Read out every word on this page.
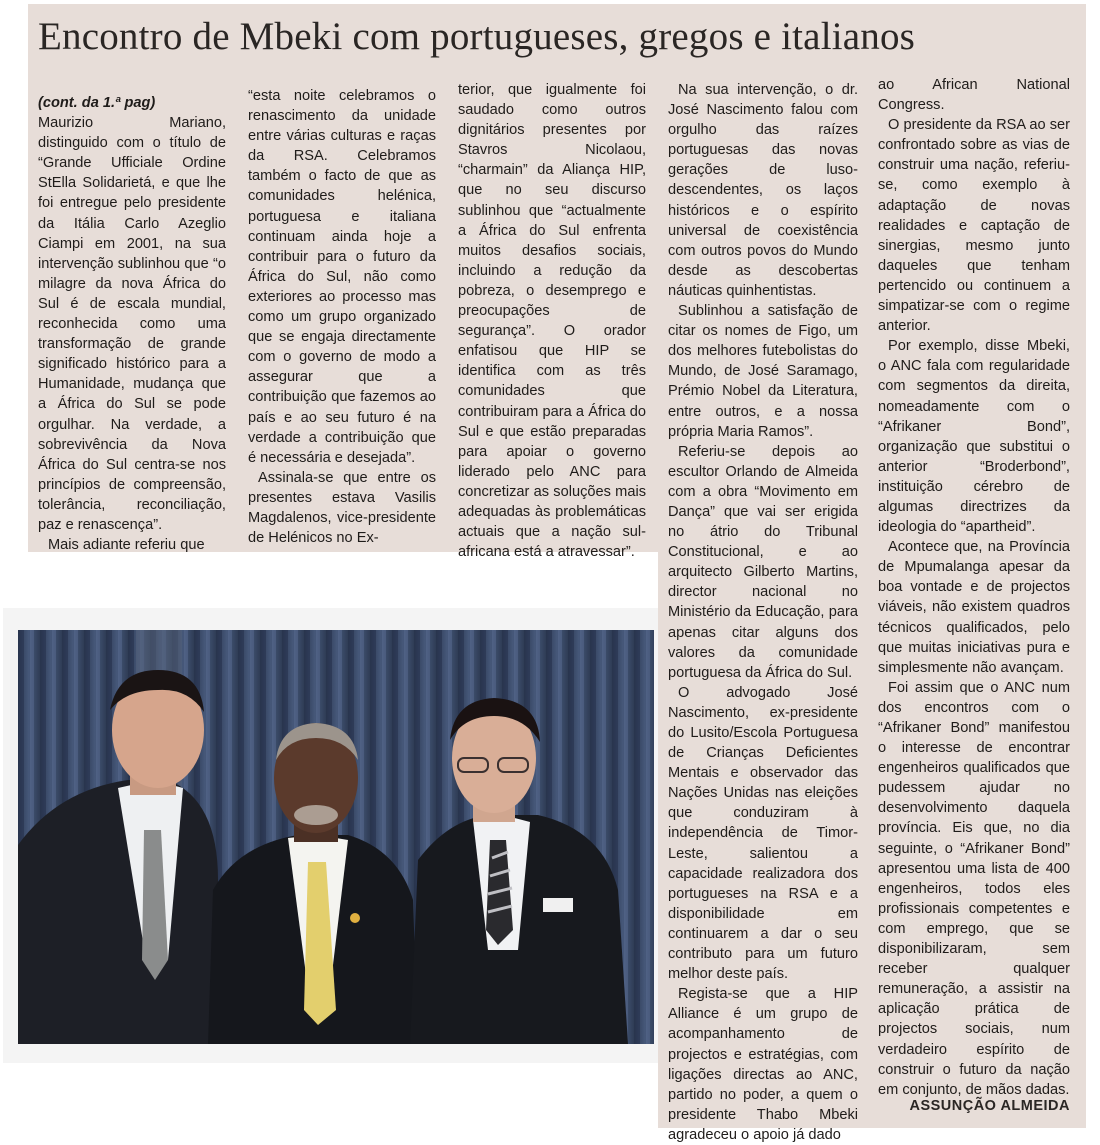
Encontro de Mbeki com portugueses, gregos e italianos
(cont. da 1.ª pag)

Maurizio Mariano, distinguido com o título de “Grande Ufficiale Ordine StElla Solidarietá, e que lhe foi entregue pelo presidente da Itália Carlo Azeglio Ciampi em 2001, na sua intervenção sublinhou que “o milagre da nova África do Sul é de escala mundial, reconhecida como uma transformação de grande significado histórico para a Humanidade, mudança que a África do Sul se pode orgulhar. Na verdade, a sobrevivência da Nova África do Sul centra-se nos princípios de compreensão, tolerância, reconciliação, paz e renascença”.

Mais adiante referiu que

“esta noite celebramos o renascimento da unidade entre várias culturas e raças da RSA. Celebramos também o facto de que as comunidades helénica, portuguesa e italiana continuam ainda hoje a contribuir para o futuro da África do Sul, não como exteriores ao processo mas como um grupo organizado que se engaja directamente com o governo de modo a assegurar que a contribuição que fazemos ao país e ao seu futuro é na verdade a contribuição que é necessária e desejada”.

Assinala-se que entre os presentes estava Vasilis Magdalenos, vice-presidente de Helénicos no Ex-

terior, que igualmente foi saudado como outros dignitários presentes por Stavros Nicolaou, “charmain” da Aliança HIP, que no seu discurso sublinhou que “actualmente a África do Sul enfrenta muitos desafios sociais, incluindo a redução da pobreza, o desemprego e preocupações de segurança”. O orador enfatisou que HIP se identifica com as três comunidades que contribuiram para a África do Sul e que estão preparadas para apoiar o governo liderado pelo ANC para concretizar as soluções mais adequadas às problemáticas actuais que a nação sul-africana está a atravessar”.

Na sua intervenção, o dr. José Nascimento falou com orgulho das raízes portuguesas das novas gerações de luso-descendentes, os laços históricos e o espírito universal de coexistência com outros povos do Mundo desde as descobertas náuticas quinhentistas.

Sublinhou a satisfação de citar os nomes de Figo, um dos melhores futebolistas do Mundo, de José Saramago, Prémio Nobel da Literatura, entre outros, e a nossa própria Maria Ramos”.

Referiu-se depois ao escultor Orlando de Almeida com a obra “Movimento em Dança” que vai ser erigida no átrio do Tribunal Constitucional, e ao arquitecto Gilberto Martins, director nacional no Ministério da Educação, para apenas citar alguns dos valores da comunidade portuguesa da África do Sul.

O advogado José Nascimento, ex-presidente do Lusito/Escola Portuguesa de Crianças Deficientes Mentais e observador das Nações Unidas nas eleições que conduziram à independência de Timor-Leste, salientou a capacidade realizadora dos portugueses na RSA e a disponibilidade em continuarem a dar o seu contributo para um futuro melhor deste país.

Regista-se que a HIP Alliance é um grupo de acompanhamento de projectos e estratégias, com ligações directas ao ANC, partido no poder, a quem o presidente Thabo Mbeki agradeceu o apoio já dado

ao African National Congress.

O presidente da RSA ao ser confrontado sobre as vias de construir uma nação, referiu-se, como exemplo à adaptação de novas realidades e captação de sinergias, mesmo junto daqueles que tenham pertencido ou continuem a simpatizar-se com o regime anterior.

Por exemplo, disse Mbeki, o ANC fala com regularidade com segmentos da direita, nomeadamente com o “Afrikaner Bond”, organização que substitui o anterior “Broderbond”, instituição cérebro de algumas directrizes da ideologia do “apartheid”.

Acontece que, na Província de Mpumalanga apesar da boa vontade e de projectos viáveis, não existem quadros técnicos qualificados, pelo que muitas iniciativas pura e simplesmente não avançam.

Foi assim que o ANC num dos encontros com o “Afrikaner Bond” manifestou o interesse de encontrar engenheiros qualificados que pudessem ajudar no desenvolvimento daquela província. Eis que, no dia seguinte, o “Afrikaner Bond” apresentou uma lista de 400 engenheiros, todos eles profissionais competentes e com emprego, que se disponibilizaram, sem receber qualquer remuneração, a assistir na aplicação prática de projectos sociais, num verdadeiro espírito de construir o futuro da nação em conjunto, de mãos dadas.

ASSUNÇÃO ALMEIDA
